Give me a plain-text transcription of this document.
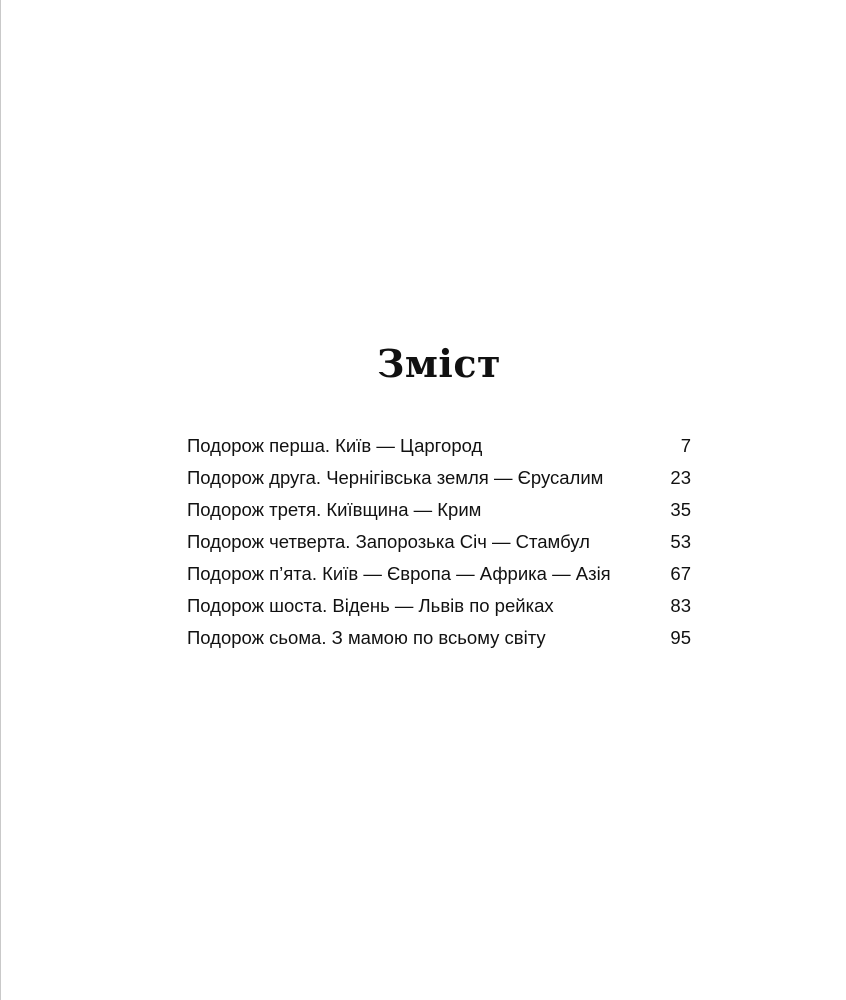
Зміст
Подорож перша. Київ — Царгород	7
Подорож друга. Чернігівська земля — Єрусалим	23
Подорож третя. Київщина — Крим	35
Подорож четверта. Запорозька Січ — Стамбул	53
Подорож п’ята. Київ — Європа — Африка — Азія	67
Подорож шоста. Відень — Львів по рейках	83
Подорож сьома. З мамою по всьому світу	95
